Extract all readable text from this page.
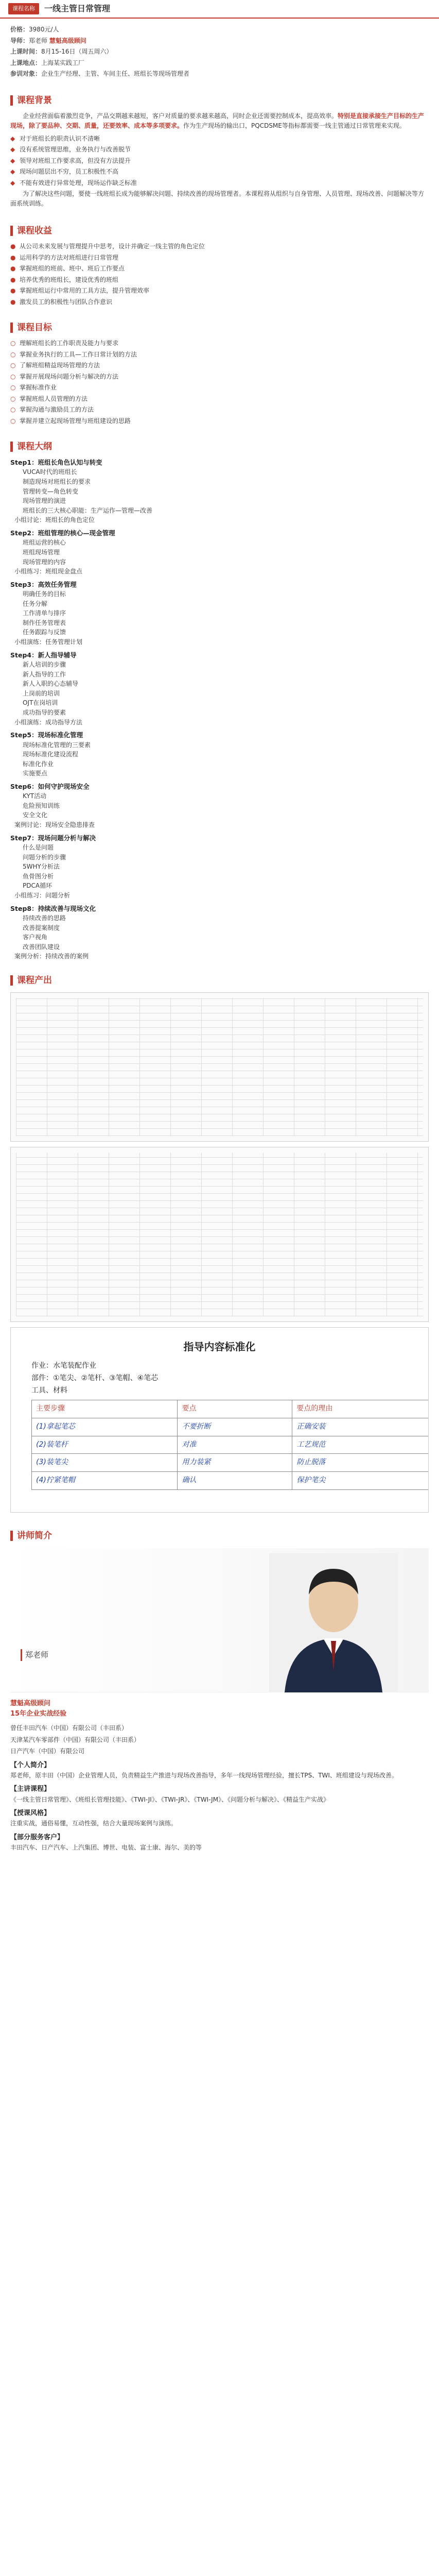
课程名称	一线主管日常管理
价格：3980元/人
导师：郑老师 慧魁高级顾问
上课时间：8月15-16日（周五周六）
上课地点：上海某实践工厂
参训对象：企业生产经理、主管、车间主任、班组长等现场管理者
课程背景
企业经营面临着激烈竞争，产品交期越来越短，客户对质量的要求越来越高，同时企业还需要控制成本，提高效率。特别是直接承接生产目标的生产现场，除了要品种、交期、质量，还要效率、成本等多项要求。作为生产现场的输出口，PQCDSME等指标都需要一线主管通过日常管理来实现。
◆ 对于班组长的职责认识不清晰
◆ 没有系统管理思维，业务执行与改善脱节
◆ 领导对班组工作要求高，但没有方法提升
◆ 现场问题层出不穷，员工积极性不高
◆ 不能有效进行异常处理，现场运作缺乏标准
为了解决这些问题，要使一线班组长成为能够解决问题、持续改善的现场管理者。本课程将从组织与自身管理、人员管理、现场改善、问题解决等方面系统训练。
课程收益
● 从公司未来发展与管理提升中思考，设计并确定一线主管的角色定位
● 运用科学的方法对班组进行日常管理
● 掌握班组的班前、班中、班后工作要点
● 培养优秀的班组长，建设优秀的班组
● 掌握班组运行中常用的工具方法，提升管理效率
● 激发员工的积极性与团队合作意识
课程目标
○ 理解班组长的工作职责及能力与要求
○ 掌握业务执行的工具—工作日常计划的方法
○ 了解班组精益现场管理的方法
○ 掌握开展现场问题分析与解决的方法
○ 掌握标准作业
○ 掌握班组人员管理的方法
○ 掌握沟通与激励员工的方法
○ 掌握并建立起现场管理与班组建设的思路
课程大纲
Step1：班组长角色认知与转变
VUCA时代的班组长
制造现场对班组长的要求
管理转变—角色转变
现场管理的演进
班组长的三大核心职能：生产运作—管理—改善
小组讨论：班组长的角色定位
Step2：班组管理的核心—现金管理
班组运营的核心
班组现场管理
现场管理的内容
小组练习：班组现金盘点
Step3：高效任务管理
明确任务的目标
任务分解
工作清单与排序
制作任务管理表
任务跟踪与反馈
小组演练：任务管理计划
Step4：新人指导辅导
新人培训的步骤
新人指导的工作
新人入职的心态辅导
上岗前的培训
OJT在岗培训
成功指导的要素
小组演练：成功指导方法
Step5：现场标准化管理
现场标准化管理的三要素
现场标准化建设流程
标准化作业
实施要点
Step6：如何守护现场安全
KYT活动
危险预知训练
安全文化
案例讨论：现场安全隐患排查
Step7：现场问题分析与解决
什么是问题
问题分析的步骤
5WHY分析法
鱼骨图分析
PDCA循环
小组练习：问题分析
Step8：持续改善与现场文化
持续改善的思路
改善提案制度
客户视角
改善团队建设
案例分析：持续改善的案例
课程产出
指导内容标准化
作业：水笔装配作业
部件：①笔尖、②笔杆、③笔帽、④笔芯
工具、材料
主要步骤	要点	要点的理由
(1)拿起笔芯	不要折断	正确安装
(2)装笔杆	对准	工艺规范
(3)装笔尖	用力装紧	防止脱落
(4)拧紧笔帽	确认	保护笔尖
讲师简介
郑老师
慧魁高级顾问
15年企业实战经验
曾任丰田汽车（中国）有限公司（丰田系）
天津某汽车零部件（中国）有限公司（丰田系）
日产汽车（中国）有限公司
【个人简介】
郑老师，原丰田（中国）企业管理人员，负责精益生产推进与现场改善指导，多年一线现场管理经验，擅长TPS、TWI、班组建设与现场改善。
【主讲课程】
《一线主管日常管理》、《班组长管理技能》、《TWI-JI》、《TWI-JR》、《TWI-JM》、《问题分析与解决》、《精益生产实战》
【授课风格】
注重实战，通俗易懂，互动性强，结合大量现场案例与演练。
【部分服务客户】
丰田汽车、日产汽车、上汽集团、博世、电装、富士康、海尔、美的等
